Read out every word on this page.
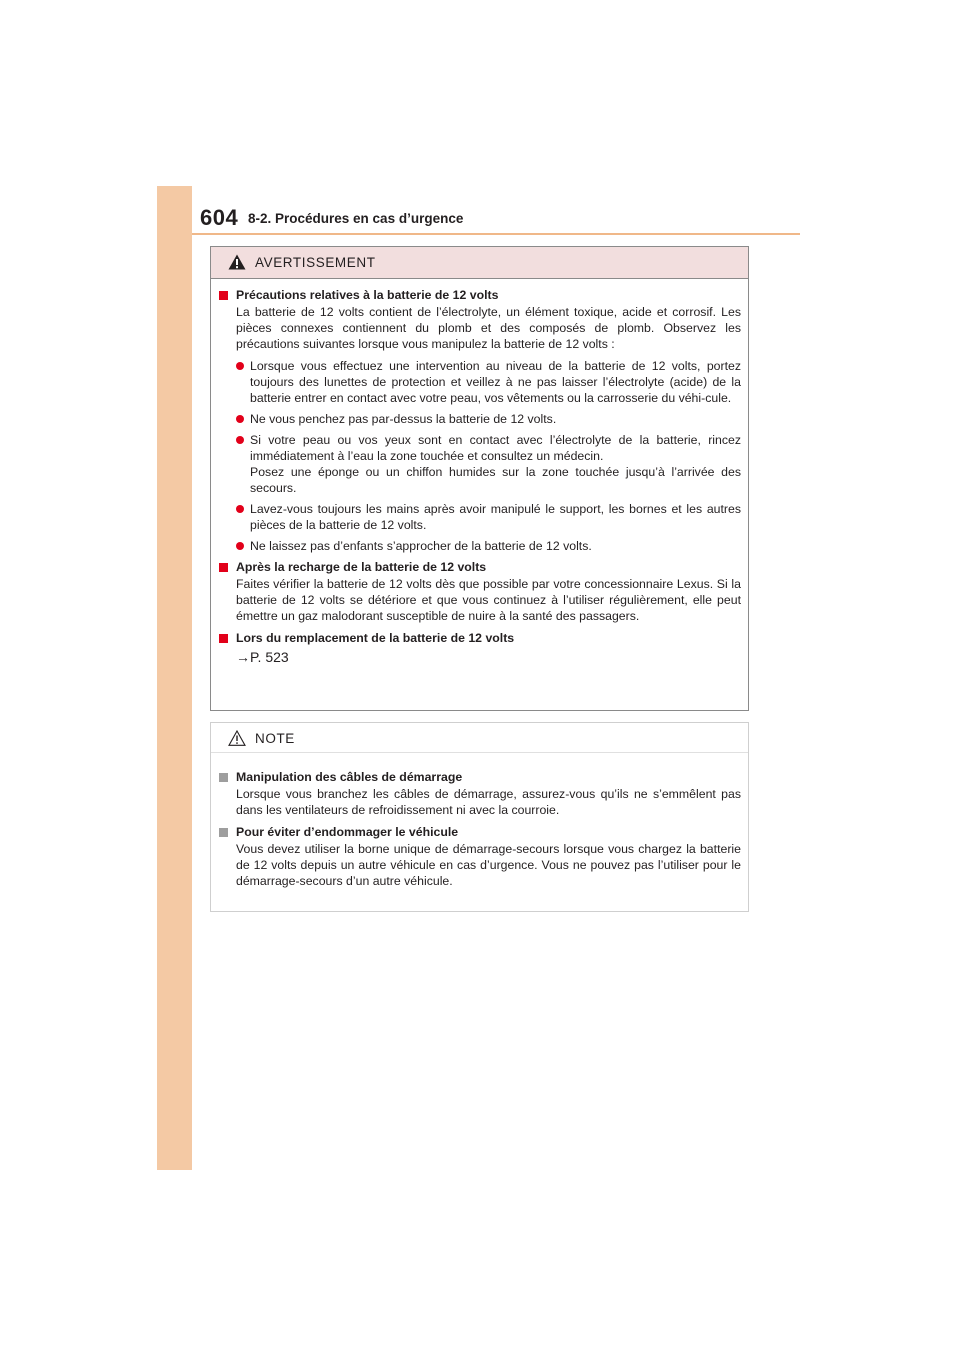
604 8-2. Procédures en cas d’urgence
AVERTISSEMENT
Précautions relatives à la batterie de 12 volts
La batterie de 12 volts contient de l’électrolyte, un élément toxique, acide et corrosif. Les pièces connexes contiennent du plomb et des composés de plomb. Observez les précautions suivantes lorsque vous manipulez la batterie de 12 volts :
Lorsque vous effectuez une intervention au niveau de la batterie de 12 volts, portez toujours des lunettes de protection et veillez à ne pas laisser l’électrolyte (acide) de la batterie entrer en contact avec votre peau, vos vêtements ou la carrosserie du véhi-cule.
Ne vous penchez pas par-dessus la batterie de 12 volts.
Si votre peau ou vos yeux sont en contact avec l’électrolyte de la batterie, rincez immédiatement à l’eau la zone touchée et consultez un médecin.
Posez une éponge ou un chiffon humides sur la zone touchée jusqu’à l’arrivée des secours.
Lavez-vous toujours les mains après avoir manipulé le support, les bornes et les autres pièces de la batterie de 12 volts.
Ne laissez pas d’enfants s’approcher de la batterie de 12 volts.
Après la recharge de la batterie de 12 volts
Faites vérifier la batterie de 12 volts dès que possible par votre concessionnaire Lexus. Si la batterie de 12 volts se détériore et que vous continuez à l’utiliser régulièrement, elle peut émettre un gaz malodorant susceptible de nuire à la santé des passagers.
Lors du remplacement de la batterie de 12 volts
→P. 523
NOTE
Manipulation des câbles de démarrage
Lorsque vous branchez les câbles de démarrage, assurez-vous qu’ils ne s’emmêlent pas dans les ventilateurs de refroidissement ni avec la courroie.
Pour éviter d’endommager le véhicule
Vous devez utiliser la borne unique de démarrage-secours lorsque vous chargez la batterie de 12 volts depuis un autre véhicule en cas d’urgence. Vous ne pouvez pas l’utiliser pour le démarrage-secours d’un autre véhicule.
